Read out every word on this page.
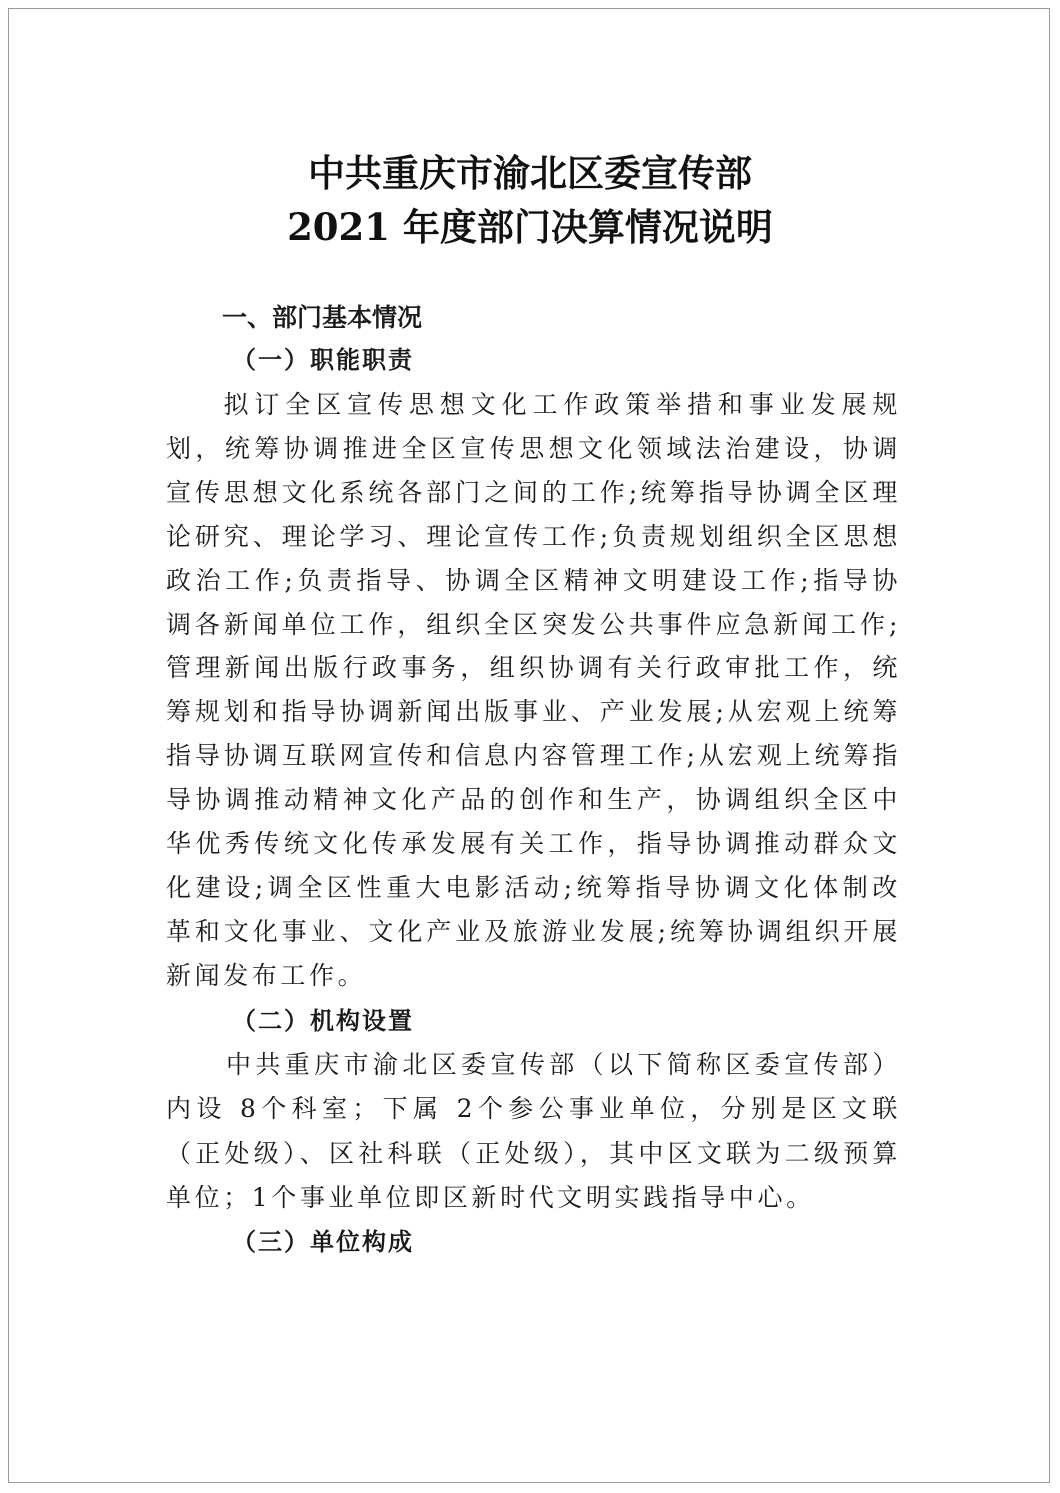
中共重庆市渝北区委宣传部
2021 年度部门决算情况说明
一、部门基本情况
（一）职能职责
拟订全区宣传思想文化工作政策举措和事业发展规划，统筹协调推进全区宣传思想文化领域法治建设，协调宣传思想文化系统各部门之间的工作;统筹指导协调全区理论研究、理论学习、理论宣传工作;负责规划组织全区思想政治工作;负责指导、协调全区精神文明建设工作;指导协调各新闻单位工作，组织全区突发公共事件应急新闻工作;管理新闻出版行政事务，组织协调有关行政审批工作，统筹规划和指导协调新闻出版事业、产业发展;从宏观上统筹指导协调互联网宣传和信息内容管理工作;从宏观上统筹指导协调推动精神文化产品的创作和生产，协调组织全区中华优秀传统文化传承发展有关工作，指导协调推动群众文化建设;调全区性重大电影活动;统筹指导协调文化体制改革和文化事业、文化产业及旅游业发展;统筹协调组织开展新闻发布工作。
（二）机构设置
中共重庆市渝北区委宣传部（以下简称区委宣传部）内设 8个科室；下属 2个参公事业单位，分别是区文联（正处级）、区社科联（正处级），其中区文联为二级预算单位；1个事业单位即区新时代文明实践指导中心。
（三）单位构成
